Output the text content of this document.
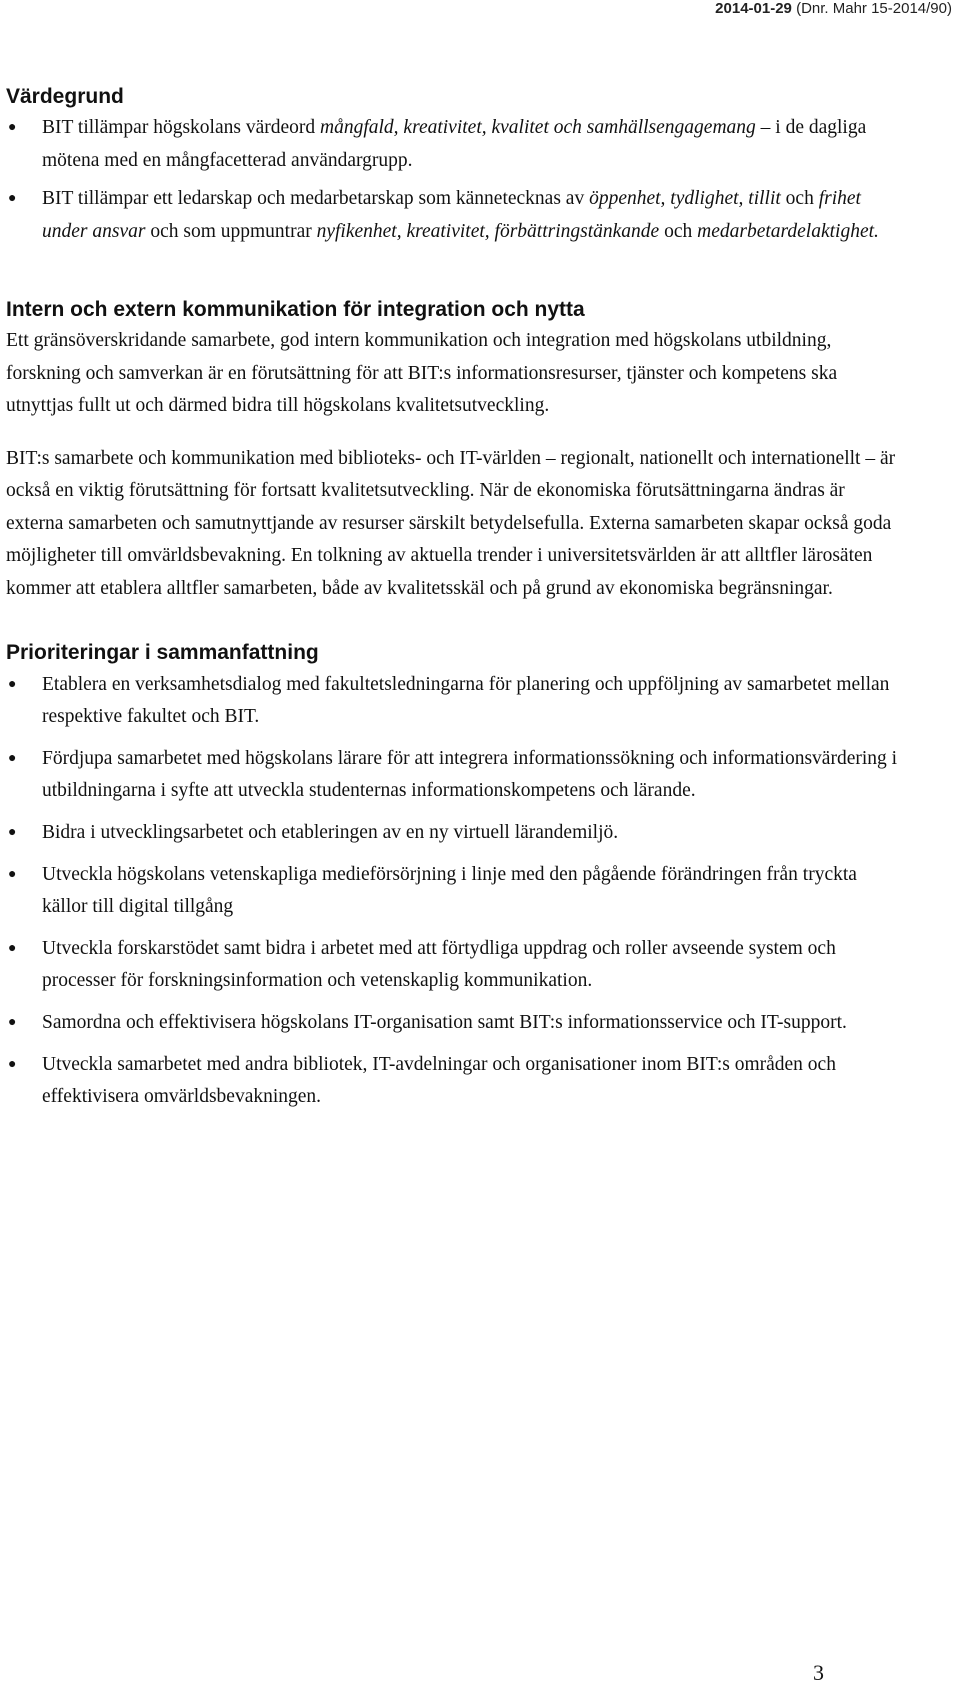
2014-01-29 (Dnr. Mahr 15-2014/90)
Värdegrund
● BIT tillämpar högskolans värdeord mångfald, kreativitet, kvalitet och samhällsengagemang – i de dagliga mötena med en mångfacetterad användargrupp.
● BIT tillämpar ett ledarskap och medarbetarskap som kännetecknas av öppenhet, tydlighet, tillit och frihet under ansvar och som uppmuntrar nyfikenhet, kreativitet, förbättringstänkande och medarbetardelaktighet.
Intern och extern kommunikation för integration och nytta

Ett gränsöverskridande samarbete, god intern kommunikation och integration med högskolans utbildning, forskning och samverkan är en förutsättning för att BIT:s informationsresurser, tjänster och kompetens ska utnyttjas fullt ut och därmed bidra till högskolans kvalitetsutveckling.

BIT:s samarbete och kommunikation med biblioteks- och IT-världen – regionalt, nationellt och internationellt – är också en viktig förutsättning för fortsatt kvalitetsutveckling. När de ekonomiska förutsättningarna ändras är externa samarbeten och samutnyttjande av resurser särskilt betydelsefulla. Externa samarbeten skapar också goda möjligheter till omvärldsbevakning. En tolkning av aktuella trender i universitetsvärlden är att alltfler lärosäten kommer att etablera alltfler samarbeten, både av kvalitetsskäl och på grund av ekonomiska begränsningar.

Prioriteringar i sammanfattning
● Etablera en verksamhetsdialog med fakultetsledningarna för planering och uppföljning av samarbetet mellan respektive fakultet och BIT.
● Fördjupa samarbetet med högskolans lärare för att integrera informationssökning och informationsvärdering i utbildningarna i syfte att utveckla studenternas informationskompetens och lärande.
● Bidra i utvecklingsarbetet och etableringen av en ny virtuell lärandemiljö.
● Utveckla högskolans vetenskapliga medieförsörjning i linje med den pågående förändringen från tryckta källor till digital tillgång
● Utveckla forskarstödet samt bidra i arbetet med att förtydliga uppdrag och roller avseende system och processer för forskningsinformation och vetenskaplig kommunikation.
● Samordna och effektivisera högskolans IT-organisation samt BIT:s informationsservice och IT-support.
● Utveckla samarbetet med andra bibliotek, IT-avdelningar och organisationer inom BIT:s områden och effektivisera omvärldsbevakningen.
3
